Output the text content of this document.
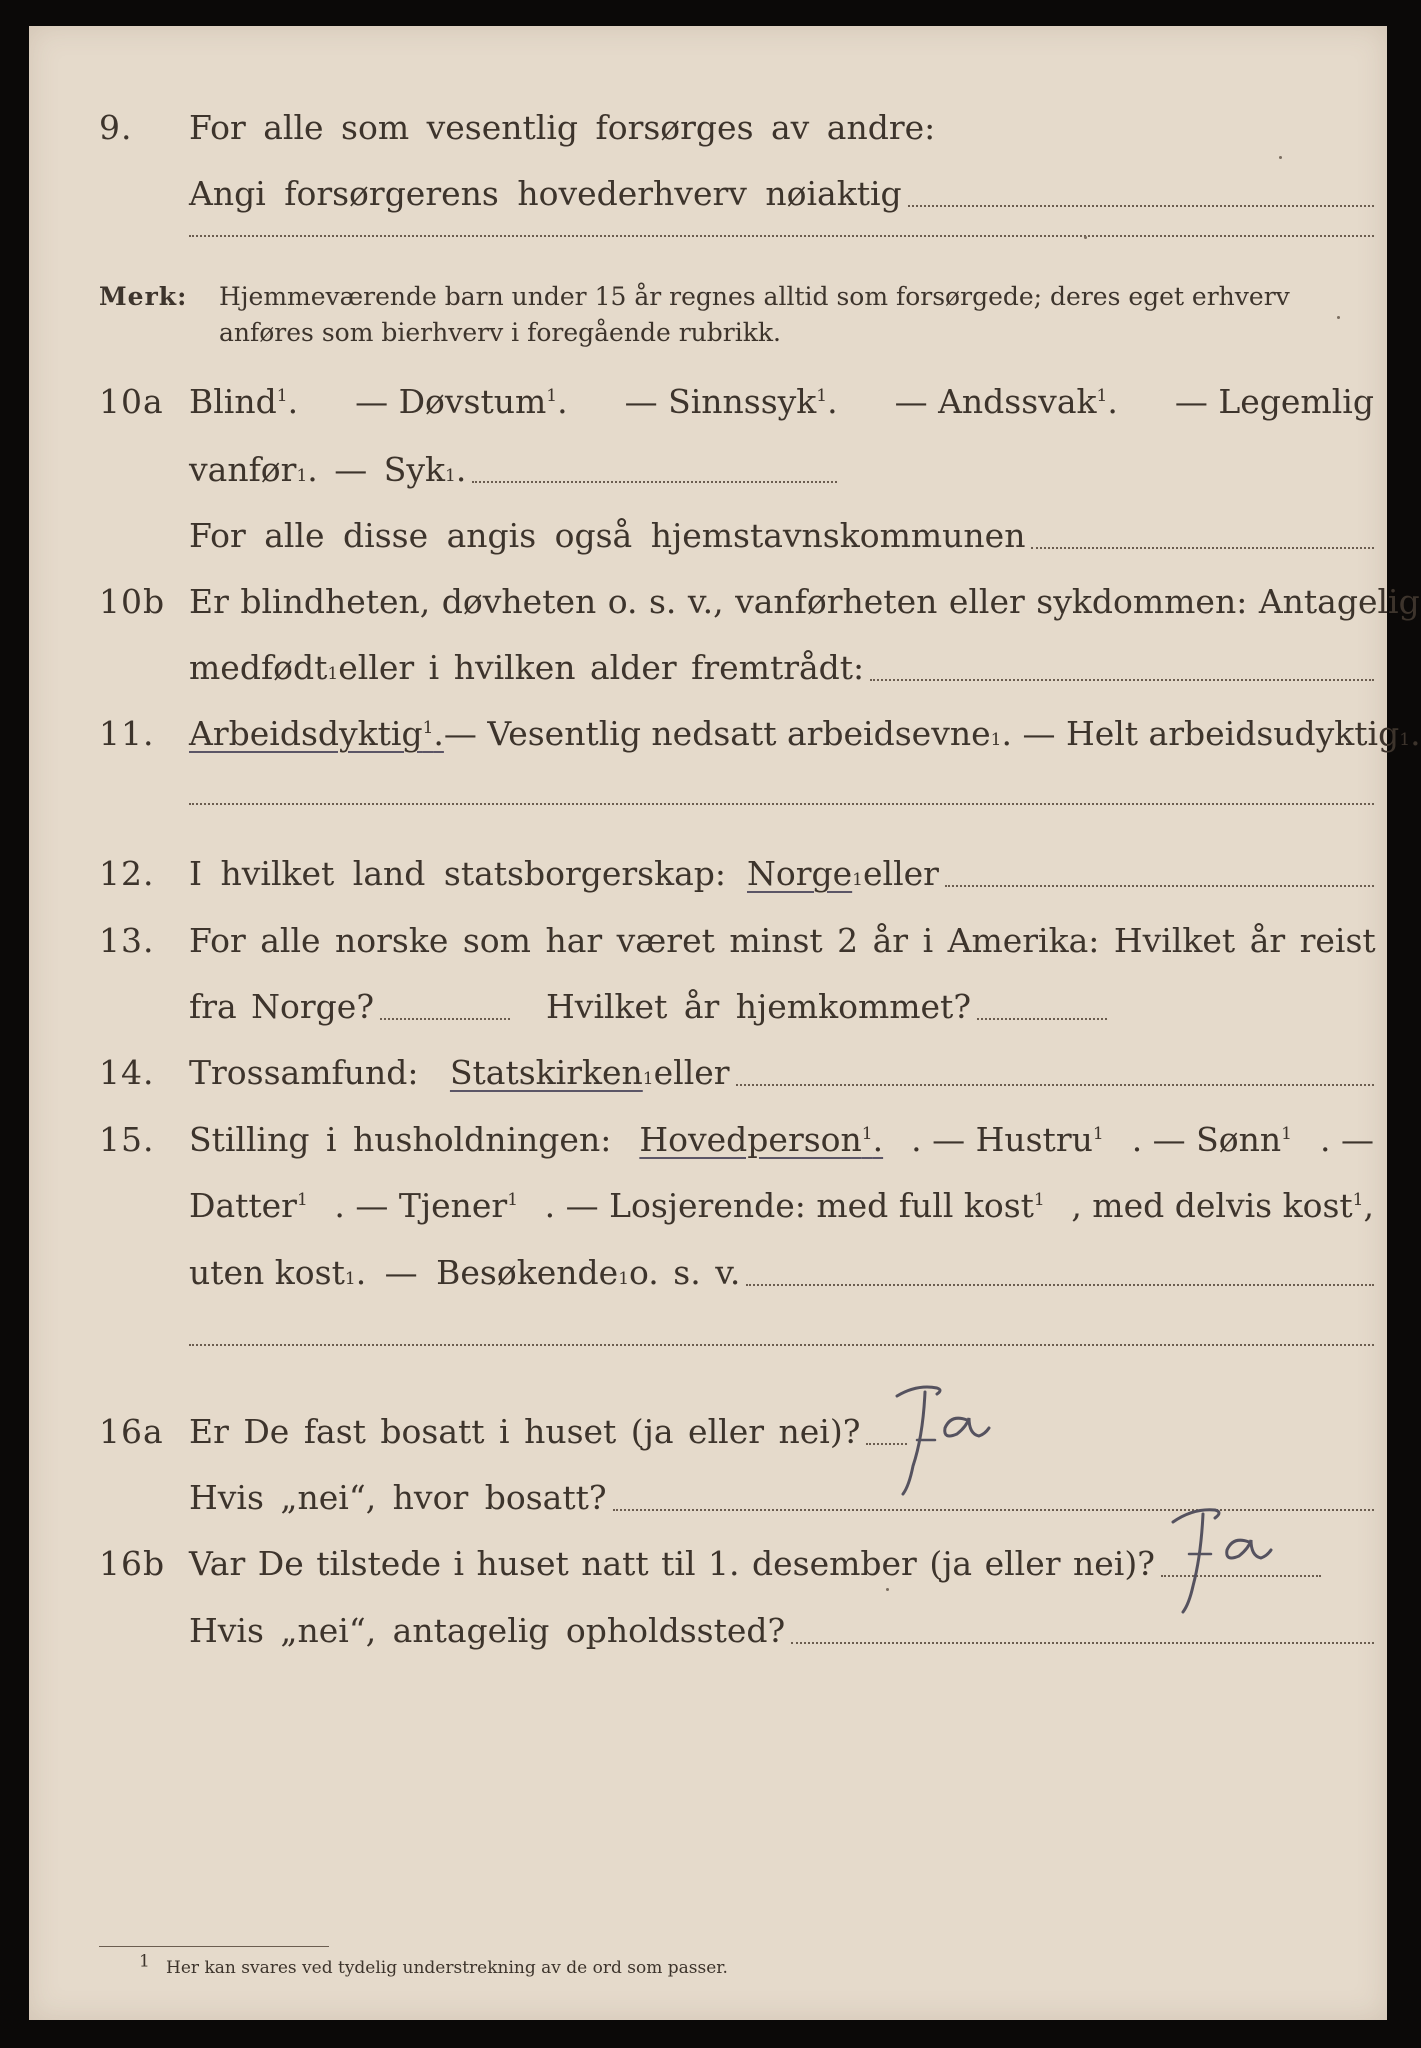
9. For alle som vesentlig forsørges av andre:
Angi forsørgerens hovederhverv nøiaktig
Merk: Hjemmeværende barn under 15 år regnes alltid som forsørgede; deres eget erhverv
anføres som bierhverv i foregående rubrikk.
10a Blind$^1$. — Døvstum$^1$. — Sinnssyk$^1$. — Andssvak$^1$. — Legemlig
vanfør 1 . — Syk 1 .
For alle disse angis også hjemstavnskommunen
10b Er blindheten, døvheten o. s. v., vanførheten eller sykdommen: Antagelig
medfødt 1 eller i hvilken alder fremtrådt:
11. Arbeidsdyktig$^1$. — Vesentlig nedsatt arbeidsevne 1 . — Helt arbeidsudyktig 1 .
12. I hvilket land statsborgerskap:
Norge 1 eller
13. For alle norske som har været minst 2 år i Amerika: Hvilket år reist
fra Norge?	Hvilket år hjemkommet?
14. Trossamfund:
Statskirken 1 eller
15. Stilling i husholdningen: Hovedperson$^1$. . — Hustru$^1$ . — Sønn$^1$ . —
Datter$^1$ . — Tjener$^1$ . — Losjerende: med full kost$^1$ , med delvis kost$^1$,
uten kost 1 . — Besøkende 1 o. s. v.
16a Er De fast bosatt i huset (ja eller nei)?
Hvis „nei“, hvor bosatt?
16b Var De tilstede i huset natt til 1. desember (ja eller nei)?
Hvis „nei“, antagelig opholdssted?
$^1$ Her kan svares ved tydelig understrekning av de ord som passer.
